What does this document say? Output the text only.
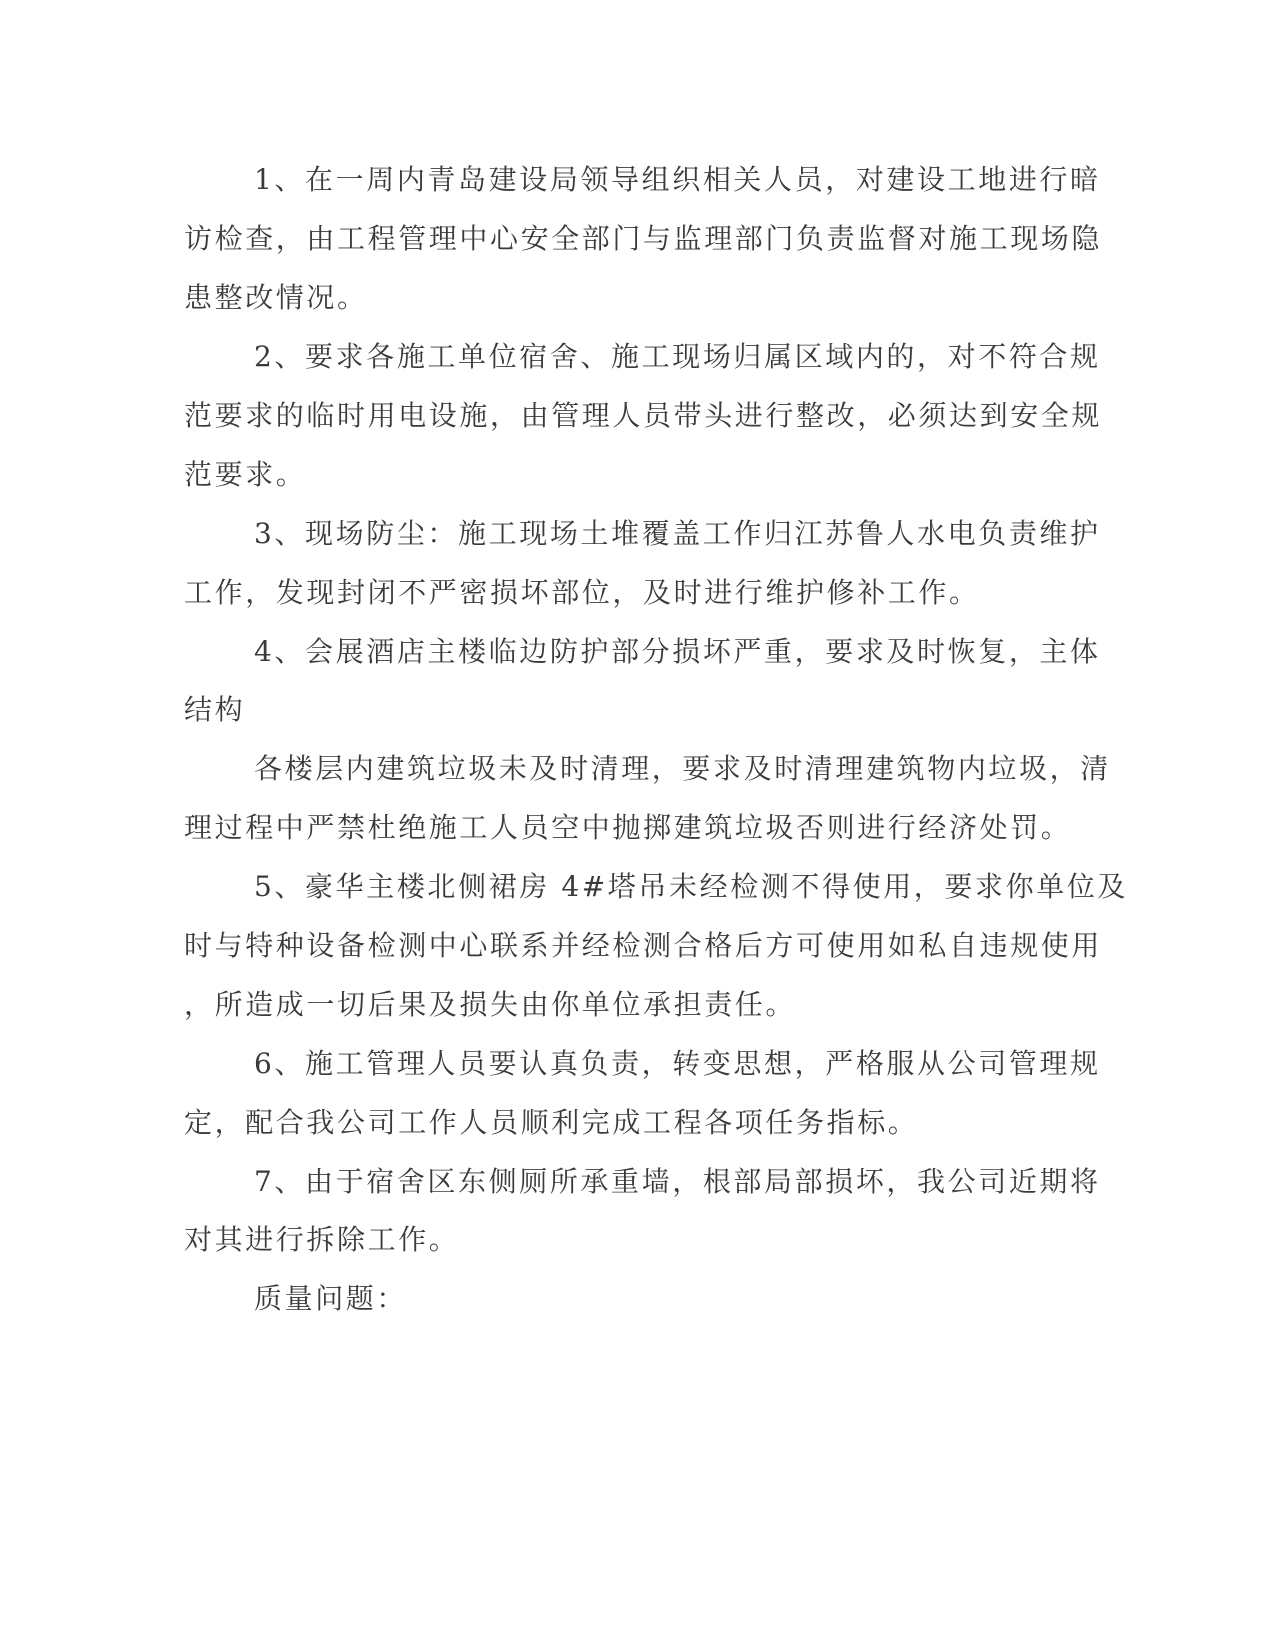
1、在一周内青岛建设局领导组织相关人员，对建设工地进行暗

访检查，由工程管理中心安全部门与监理部门负责监督对施工现场隐

患整改情况。

2、要求各施工单位宿舍、施工现场归属区域内的，对不符合规

范要求的临时用电设施，由管理人员带头进行整改，必须达到安全规

范要求。

3、现场防尘：施工现场土堆覆盖工作归江苏鲁人水电负责维护

工作，发现封闭不严密损坏部位，及时进行维护修补工作。

4、会展酒店主楼临边防护部分损坏严重，要求及时恢复，主体

结构

各楼层内建筑垃圾未及时清理，要求及时清理建筑物内垃圾，清

理过程中严禁杜绝施工人员空中抛掷建筑垃圾否则进行经济处罚。

5、豪华主楼北侧裙房 4#塔吊未经检测不得使用，要求你单位及

时与特种设备检测中心联系并经检测合格后方可使用如私自违规使用

，所造成一切后果及损失由你单位承担责任。

6、施工管理人员要认真负责，转变思想，严格服从公司管理规

定，配合我公司工作人员顺利完成工程各项任务指标。

7、由于宿舍区东侧厕所承重墙，根部局部损坏，我公司近期将

对其进行拆除工作。

质量问题：
